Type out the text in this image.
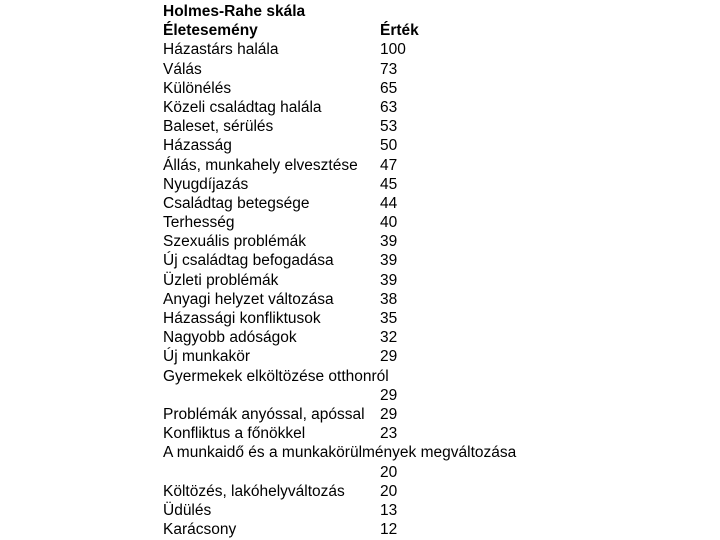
Holmes-Rahe skála
Életesemény	Érték
Házastárs halála	100
Válás	73
Különélés	65
Közeli családtag halála	63
Baleset, sérülés	53
Házasság	50
Állás, munkahely elvesztése 47
Nyugdíjazás	45
Családtag betegsége	44
Terhesség	40
Szexuális problémák	39
Új családtag befogadása	39
Üzleti problémák	39
Anyagi helyzet változása	38
Házassági konfliktusok	35
Nagyobb adóságok	32
Új munkakör	29
Gyermekek elköltözése otthonról
29
Problémák anyóssal, apóssal 29
Konfliktus a főnökkel	23
A munkaidő és a munkakörülmények megváltozása
20
Költözés, lakóhelyváltozás 20
Üdülés	13
Karácsony	12
